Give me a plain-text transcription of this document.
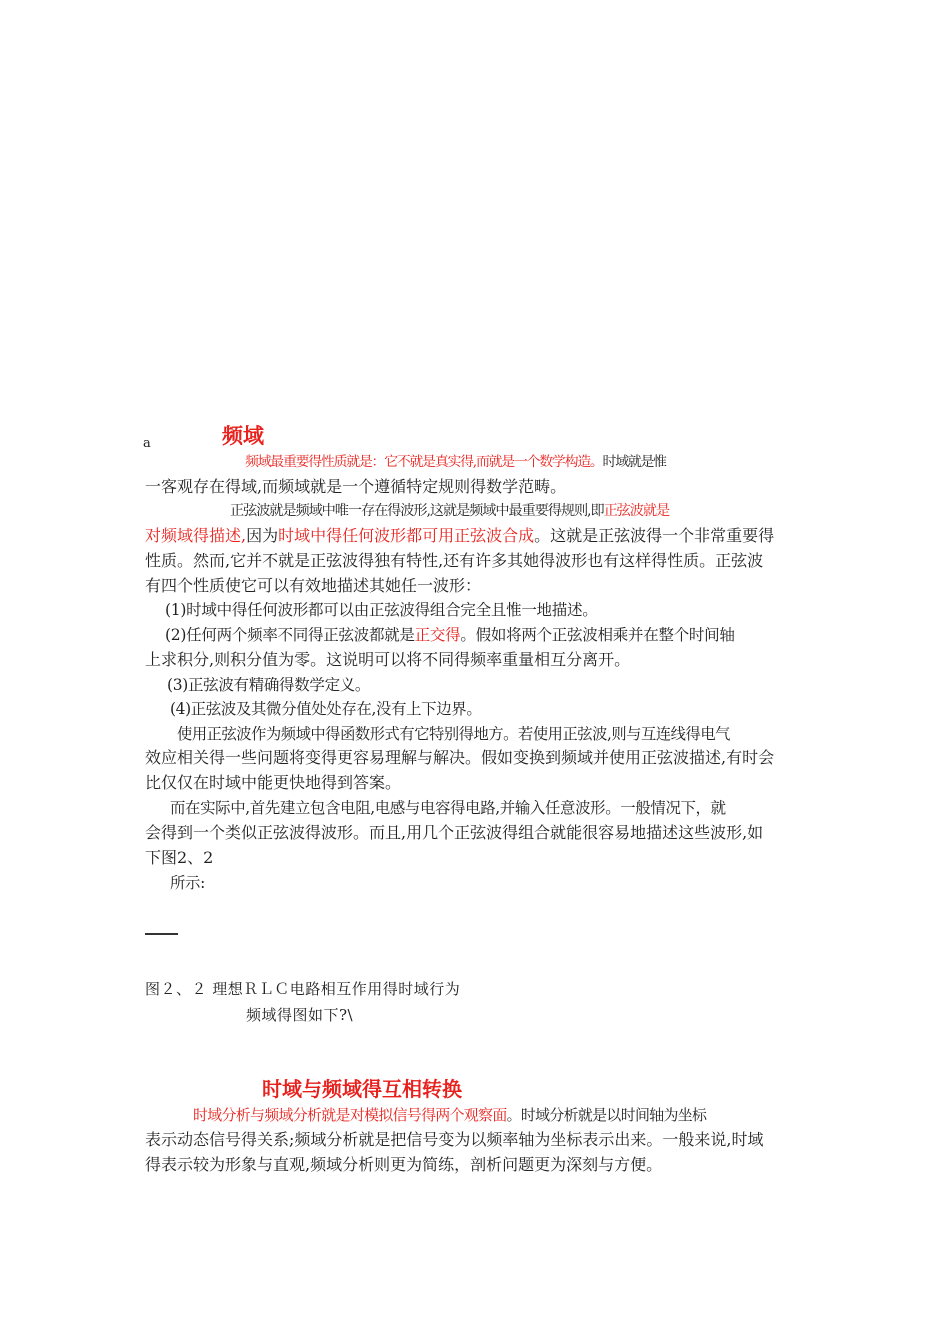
a	频域
频域最重要得性质就是：它不就是真实得,而就是一个数学构造。时域就是惟
一客观存在得域,而频域就是一个遵循特定规则得数学范畴。
正弦波就是频域中唯一存在得波形,这就是频域中最重要得规则,即正弦波就是
对频域得描述,因为时域中得任何波形都可用正弦波合成。这就是正弦波得一个非常重要得
性质。然而,它并不就是正弦波得独有特性,还有许多其她得波形也有这样得性质。正弦波
有四个性质使它可以有效地描述其她任一波形：
(1)时域中得任何波形都可以由正弦波得组合完全且惟一地描述。
(2)任何两个频率不同得正弦波都就是正交得。假如将两个正弦波相乘并在整个时间轴
上求积分,则积分值为零。这说明可以将不同得频率重量相互分离开。
(3)正弦波有精确得数学定义。
(4)正弦波及其微分值处处存在,没有上下边界。
使用正弦波作为频域中得函数形式有它特别得地方。若使用正弦波,则与互连线得电气
效应相关得一些问题将变得更容易理解与解决。假如变换到频域并使用正弦波描述,有时会
比仅仅在时域中能更快地得到答案。
而在实际中,首先建立包含电阻,电感与电容得电路,并输入任意波形。一般情况下，就
会得到一个类似正弦波得波形。而且,用几个正弦波得组合就能很容易地描述这些波形,如
下图2、2
所示:
图２、２ 理想ＲＬＣ电路相互作用得时域行为
频域得图如下?\
时域与频域得互相转换
时域分析与频域分析就是对模拟信号得两个观察面。时域分析就是以时间轴为坐标
表示动态信号得关系;频域分析就是把信号变为以频率轴为坐标表示出来。一般来说,时域
得表示较为形象与直观,频域分析则更为简练，剖析问题更为深刻与方便。
